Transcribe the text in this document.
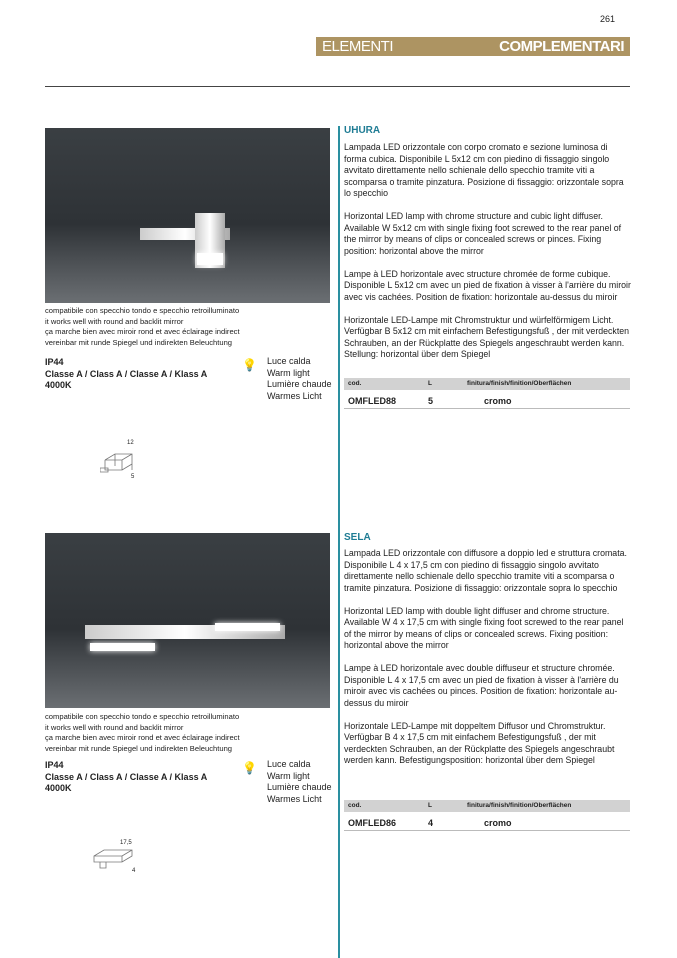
261
ELEMENTI	COMPLEMENTARI
compatibile con specchio tondo e specchio retroilluminato
it works well with round and backlit mirror
ça marche bien avec miroir rond et avec éclairage indirect
vereinbar mit runde Spiegel und indirekten Beleuchtung
IP44
Classe A / Class A / Classe A / Klass A
4000K
💡 Luce calda
Warm light
Lumière chaude
Warmes Licht
12
5
UHURA

Lampada LED orizzontale con corpo cromato e sezione luminosa di forma cubica. Disponibile L 5x12 cm con piedino di fissaggio singolo avvitato direttamente nello schienale dello specchio tramite viti a scomparsa o tramite pinzatura. Posizione di fissaggio: orizzontale sopra lo specchio

Horizontal LED lamp with chrome structure and cubic light diffuser. Available W 5x12 cm with single fixing foot screwed to the rear panel of the mirror by means of clips or concealed screws or pinces. Fixing position: horizontal above the mirror

Lampe à LED horizontale avec structure chromée de forme cubique. Disponible L 5x12 cm avec un pied de fixation à visser à l'arrière du miroir avec vis cachées. Position de fixation: horizontale au-dessus du miroir

Horizontale LED-Lampe mit Chromstruktur und würfelförmigem Licht. Verfügbar B 5x12 cm mit einfachem Befestigungsfuß , der mit verdeckten Schrauben, an der Rückplatte des Spiegels angeschraubt werden kann. Stellung: horizontal über dem Spiegel

cod.	L	finitura/finish/finition/Oberflächen
OMFLED88	5	cromo
compatibile con specchio tondo e specchio retroilluminato
it works well with round and backlit mirror
ça marche bien avec miroir rond et avec éclairage indirect
vereinbar mit runde Spiegel und indirekten Beleuchtung
IP44
Classe A / Class A / Classe A / Klass A
4000K
💡 Luce calda
Warm light
Lumière chaude
Warmes Licht
17,5
4
SELA

Lampada LED orizzontale con diffusore a doppio led e struttura cromata. Disponibile L 4 x 17,5 cm con piedino di fissaggio singolo avvitato direttamente nello schienale dello specchio tramite viti a scomparsa o tramite pinzatura. Posizione di fissaggio: orizzontale sopra lo specchio

Horizontal LED lamp with double light diffuser and chrome structure. Available W 4 x 17,5 cm with single fixing foot screwed to the rear panel of the mirror by means of clips or concealed screws. Fixing position: horizontal above the mirror

Lampe à LED horizontale avec double diffuseur et structure chromée. Disponible L 4 x 17,5 cm avec un pied de fixation à visser à l'arrière du miroir avec vis cachées ou pinces. Position de fixation: horizontale au-dessus du miroir

Horizontale LED-Lampe mit doppeltem Diffusor und Chromstruktur. Verfügbar B 4 x 17,5 cm mit einfachem Befestigungsfuß , der mit verdeckten Schrauben, an der Rückplatte des Spiegels angeschraubt werden kann. Befestigungsposition: horizontal über dem Spiegel

cod.	L	finitura/finish/finition/Oberflächen
OMFLED86	4	cromo
